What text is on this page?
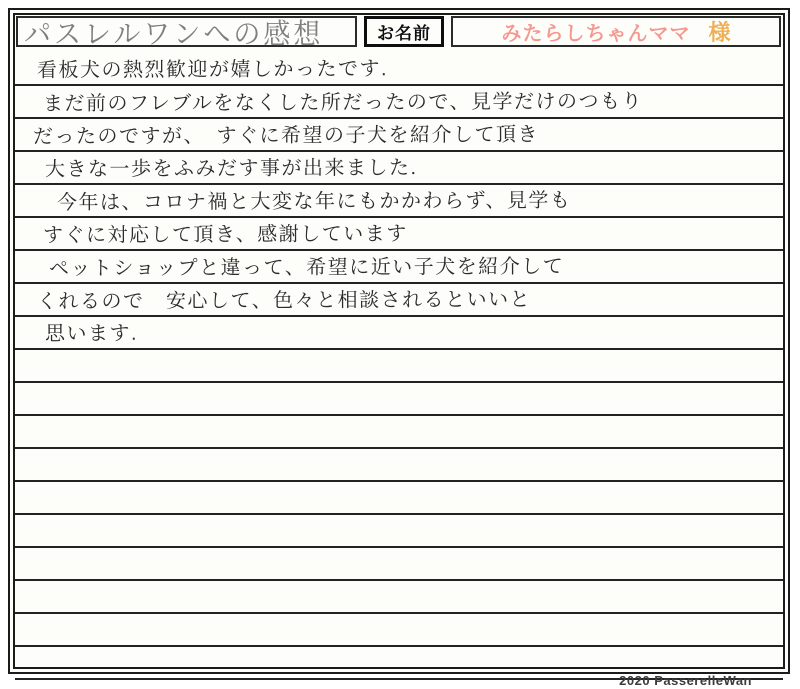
パスレルワンへの感想	お名前	みたらしちゃんママ 様
看板犬の熱烈歓迎が嬉しかったです.
まだ前のフレブルをなくした所だったので、見学だけのつもり
だったのですが、　すぐに希望の子犬を紹介して頂き
大きな一歩をふみだす事が出来ました.
今年は、コロナ禍と大変な年にもかかわらず、見学も
すぐに対応して頂き、感謝しています
ペットショップと違って、希望に近い子犬を紹介して
くれるので　安心して、色々と相談されるといいと
思います.
2020 PasserelleWan
